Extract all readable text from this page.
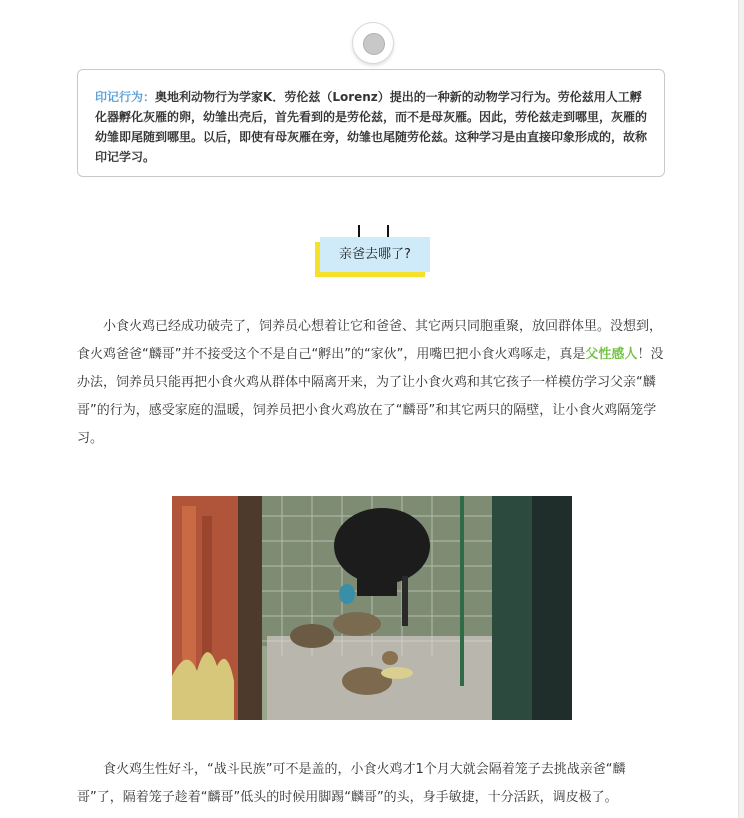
印记行为：奥地利动物行为学家K．劳伦兹（Lorenz）提出的一种新的动物学习行为。劳伦兹用人工孵化器孵化灰雁的卵，幼雏出壳后，首先看到的是劳伦兹，而不是母灰雁。因此，劳伦兹走到哪里，灰雁的幼雏即尾随到哪里。以后，即使有母灰雁在旁，幼雏也尾随劳伦兹。这种学习是由直接印象形成的，故称印记学习。
亲爸去哪了?

小食火鸡已经成功破壳了，饲养员心想着让它和爸爸、其它两只同胞重聚，放回群体里。没想到，食火鸡爸爸“麟哥”并不接受这个不是自己“孵出”的“家伙”，用嘴巴把小食火鸡啄走，真是父性感人！没办法，饲养员只能再把小食火鸡从群体中隔离开来，为了让小食火鸡和其它孩子一样模仿学习父亲“麟哥”的行为，感受家庭的温暖，饲养员把小食火鸡放在了“麟哥”和其它两只的隔壁，让小食火鸡隔笼学习。

食火鸡生性好斗，“战斗民族”可不是盖的，小食火鸡才1个月大就会隔着笼子去挑战亲爸“麟哥”了，隔着笼子趁着“麟哥”低头的时候用脚踢“麟哥”的头，身手敏捷，十分活跃，调皮极了。
